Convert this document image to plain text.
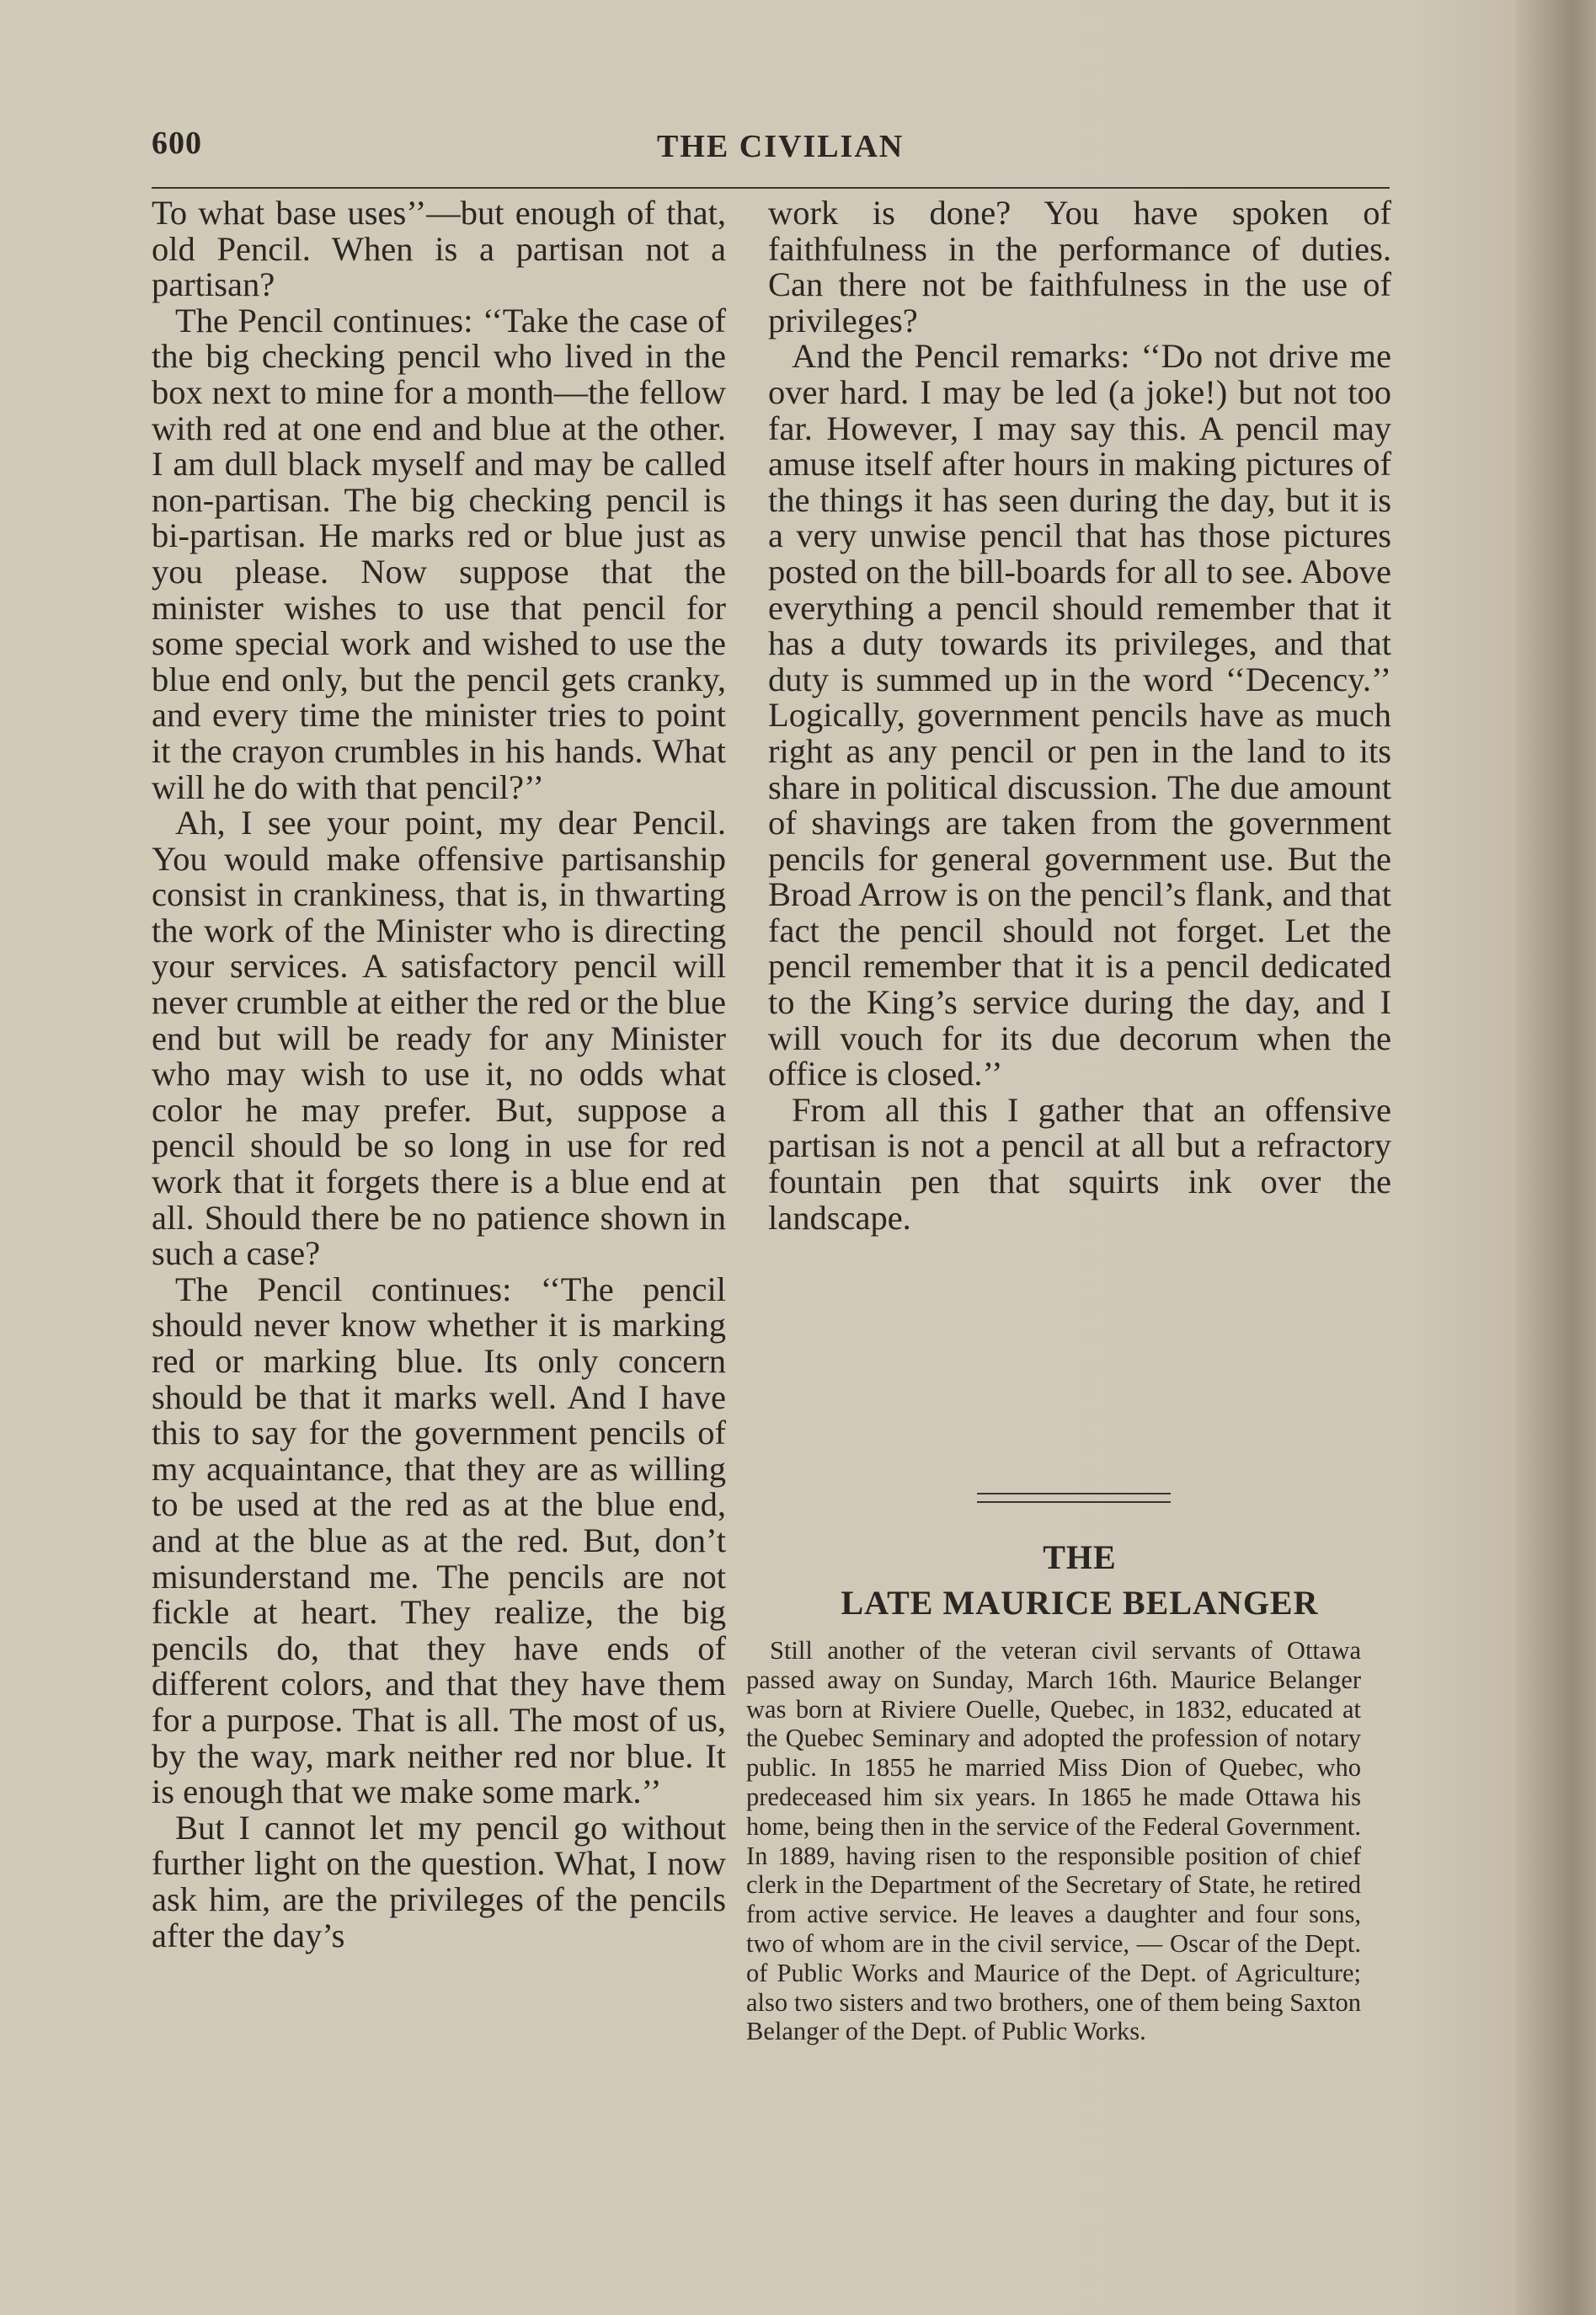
600	THE CIVILIAN

To what base uses’’—but enough of that, old Pencil. When is a partisan not a partisan?

The Pencil continues: ‘‘Take the case of the big checking pencil who lived in the box next to mine for a month—the fellow with red at one end and blue at the other. I am dull black myself and may be called non-partisan. The big checking pencil is bi-partisan. He marks red or blue just as you please. Now suppose that the minister wishes to use that pencil for some special work and wished to use the blue end only, but the pencil gets cranky, and every time the minister tries to point it the crayon crumbles in his hands. What will he do with that pencil?’’

Ah, I see your point, my dear Pencil. You would make offensive partisanship consist in crankiness, that is, in thwarting the work of the Minister who is directing your services. A satisfactory pencil will never crumble at either the red or the blue end but will be ready for any Minister who may wish to use it, no odds what color he may prefer. But, suppose a pencil should be so long in use for red work that it forgets there is a blue end at all. Should there be no patience shown in such a case?

The Pencil continues: ‘‘The pencil should never know whether it is marking red or marking blue. Its only concern should be that it marks well. And I have this to say for the government pencils of my acquaintance, that they are as willing to be used at the red as at the blue end, and at the blue as at the red. But, don’t misunderstand me. The pencils are not fickle at heart. They realize, the big pencils do, that they have ends of different colors, and that they have them for a purpose. That is all. The most of us, by the way, mark neither red nor blue. It is enough that we make some mark.’’

But I cannot let my pencil go without further light on the question. What, I now ask him, are the privileges of the pencils after the day’s

work is done? You have spoken of faithfulness in the performance of duties. Can there not be faithfulness in the use of privileges?

And the Pencil remarks: ‘‘Do not drive me over hard. I may be led (a joke!) but not too far. However, I may say this. A pencil may amuse itself after hours in making pictures of the things it has seen during the day, but it is a very unwise pencil that has those pictures posted on the bill-boards for all to see. Above everything a pencil should remember that it has a duty towards its privileges, and that duty is summed up in the word ‘‘Decency.’’ Logically, government pencils have as much right as any pencil or pen in the land to its share in political discussion. The due amount of shavings are taken from the government pencils for general government use. But the Broad Arrow is on the pencil’s flank, and that fact the pencil should not forget. Let the pencil remember that it is a pencil dedicated to the King’s service during the day, and I will vouch for its due decorum when the office is closed.’’

From all this I gather that an offensive partisan is not a pencil at all but a refractory fountain pen that squirts ink over the landscape.

THE
LATE MAURICE BELANGER

Still another of the veteran civil servants of Ottawa passed away on Sunday, March 16th. Maurice Belanger was born at Riviere Ouelle, Quebec, in 1832, educated at the Quebec Seminary and adopted the profession of notary public. In 1855 he married Miss Dion of Quebec, who predeceased him six years. In 1865 he made Ottawa his home, being then in the service of the Federal Government. In 1889, having risen to the responsible position of chief clerk in the Department of the Secretary of State, he retired from active service. He leaves a daughter and four sons, two of whom are in the civil service, — Oscar of the Dept. of Public Works and Maurice of the Dept. of Agriculture; also two sisters and two brothers, one of them being Saxton Belanger of the Dept. of Public Works.
